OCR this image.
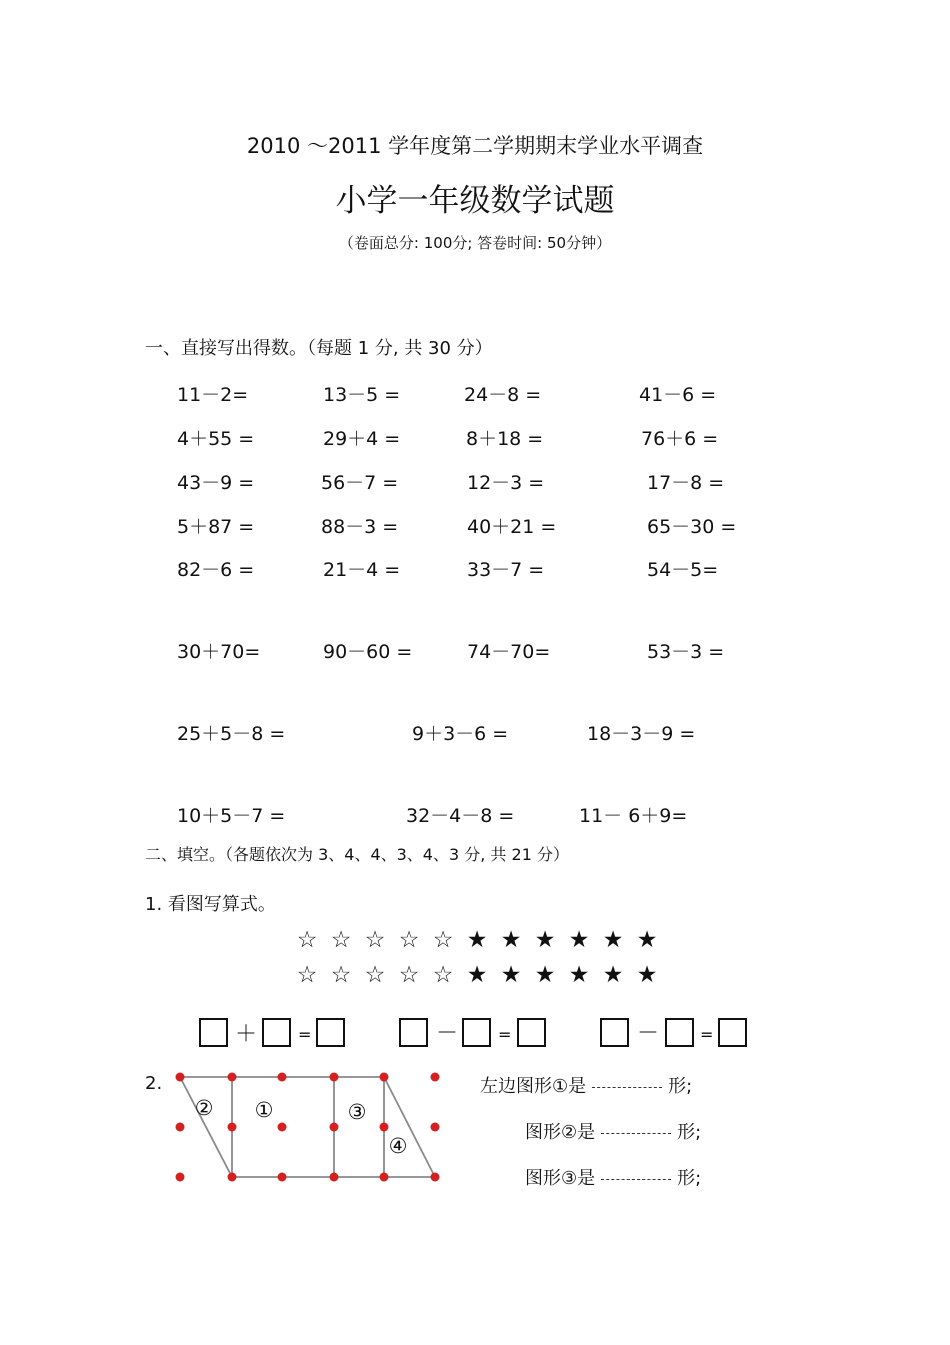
2010 ～2011 学年度第二学期期末学业水平调查
小学一年级数学试题
（卷面总分: 100分; 答卷时间: 50分钟）
一、直接写出得数。（每题 1 分, 共 30 分）
11－2=	13－5 =	24－8 =	41－6 =
4＋55 =	29＋4 =	8＋18 =	76＋6 =
43－9 =	56－7 =	12－3 =	17－8 =
5＋87 =	88－3 =	40＋21 =	65－30 =
82－6 =	21－4 =	33－7 =	54－5=
30＋70=	90－60 =	74－70=	53－3 =
25＋5－8 =	9＋3－6 =	18－3－9 =
10＋5－7 =	32－4－8 =	11－ 6＋9=
二、填空。（各题依次为 3、4、4、3、4、3 分, 共 21 分）
1. 看图写算式。
☆ ☆ ☆ ☆ ☆ ★ ★ ★ ★ ★ ★
☆ ☆ ☆ ☆ ☆ ★ ★ ★ ★ ★ ★
＋	=	－ =	－	=
2.
② ①	③
④
左边图形①是	形;
图形②是	形;
图形③是	形;
